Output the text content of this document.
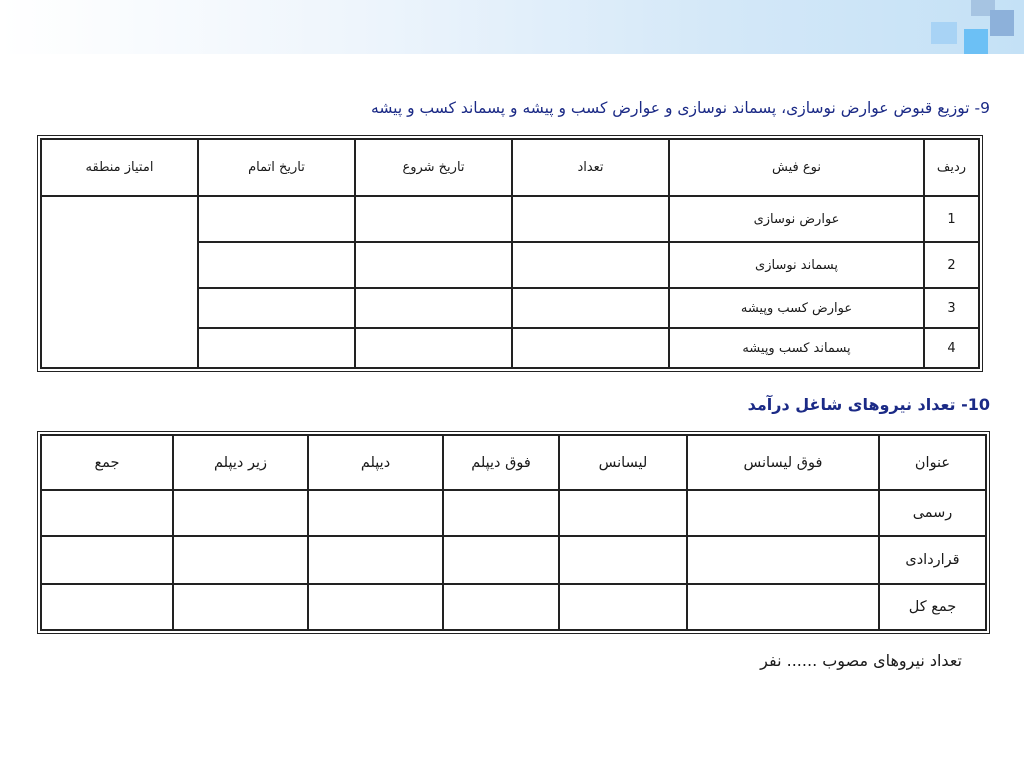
9- توزیع قبوض عوارض نوسازی، پسماند نوسازی و عوارض کسب و پیشه و پسماند کسب و پیشه
ردیف	نوع فیش	تعداد	تاریخ شروع	تاریخ اتمام	امتیاز منطقه
1	عوارض نوسازی				
2	پسماند نوسازی				
3	عوارض کسب وپیشه				
4	پسماند کسب وپیشه				
10- تعداد نیروهای شاغل درآمد
عنوان	فوق لیسانس	لیسانس	فوق دیپلم	دیپلم	زیر دیپلم	جمع
رسمی						
قراردادی						
جمع کل						
تعداد نیروهای مصوب ...... نفر
